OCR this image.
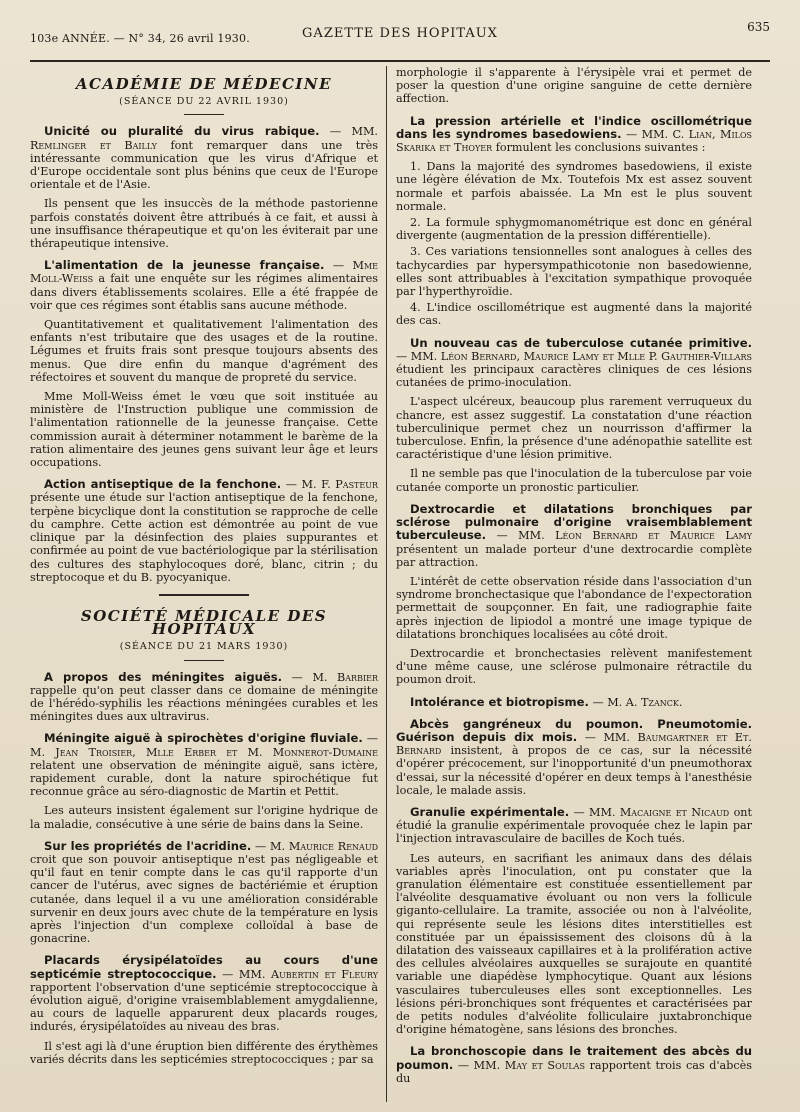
103e ANNÉE. — N° 34, 26 avril 1930.	GAZETTE DES HOPITAUX	635
ACADÉMIE DE MÉDECINE
(SÉANCE DU 22 AVRIL 1930)

Unicité ou pluralité du virus rabique. — MM. Remlinger et Bailly font remarquer dans une très intéressante communication que les virus d'Afrique et d'Europe occidentale sont plus bénins que ceux de l'Europe orientale et de l'Asie.

Ils pensent que les insuccès de la méthode pastorienne parfois constatés doivent être attribués à ce fait, et aussi à une insuffisance thérapeutique et qu'on les éviterait par une thérapeutique intensive.

L'alimentation de la jeunesse française. — Mme Moll-Weiss a fait une enquête sur les régimes alimentaires dans divers établissements scolaires. Elle a été frappée de voir que ces régimes sont établis sans aucune méthode.

Quantitativement et qualitativement l'alimentation des enfants n'est tributaire que des usages et de la routine. Légumes et fruits frais sont presque toujours absents des menus. Que dire enfin du manque d'agrément des réfectoires et souvent du manque de propreté du service.

Mme Moll-Weiss émet le vœu que soit instituée au ministère de l'Instruction publique une commission de l'alimentation rationnelle de la jeunesse française. Cette commission aurait à déterminer notamment le barème de la ration alimentaire des jeunes gens suivant leur âge et leurs occupations.

Action antiseptique de la fenchone. — M. F. Pasteur présente une étude sur l'action antiseptique de la fenchone, terpène bicyclique dont la constitution se rapproche de celle du camphre. Cette action est démontrée au point de vue clinique par la désinfection des plaies suppurantes et confirmée au point de vue bactériologique par la stérilisation des cultures des staphylocoques doré, blanc, citrin ; du streptocoque et du B. pyocyanique.

SOCIÉTÉ MÉDICALE DES HOPITAUX
(SÉANCE DU 21 MARS 1930)

A propos des méningites aiguës. — M. Barbier rappelle qu'on peut classer dans ce domaine de méningite de l'hérédo-syphilis les réactions méningées curables et les méningites dues aux ultravirus.

Méningite aiguë à spirochètes d'origine fluviale. — M. Jean Troisier, Mlle Erber et M. Monnerot-Dumaine relatent une observation de méningite aiguë, sans ictère, rapidement curable, dont la nature spirochétique fut reconnue grâce au séro-diagnostic de Martin et Pettit.

Les auteurs insistent également sur l'origine hydrique de la maladie, consécutive à une série de bains dans la Seine.

Sur les propriétés de l'acridine. — M. Maurice Renaud croit que son pouvoir antiseptique n'est pas négligeable et qu'il faut en tenir compte dans le cas qu'il rapporte d'un cancer de l'utérus, avec signes de bactériémie et éruption cutanée, dans lequel il a vu une amélioration considérable survenir en deux jours avec chute de la température en lysis après l'injection d'un complexe colloïdal à base de gonacrine.

Placards érysipélatoïdes au cours d'une septicémie streptococcique. — MM. Aubertin et Fleury rapportent l'observation d'une septicémie streptococcique à évolution aiguë, d'origine vraisemblablement amygdalienne, au cours de laquelle apparurent deux placards rouges, indurés, érysipélatoïdes au niveau des bras.

Il s'est agi là d'une éruption bien différente des érythèmes variés décrits dans les septicémies streptococciques ; par sa

morphologie il s'apparente à l'érysipèle vrai et permet de poser la question d'une origine sanguine de cette dernière affection.

La pression artérielle et l'indice oscillométrique dans les syndromes basedowiens. — MM. C. Lian, Milos Skarika et Thoyer formulent les conclusions suivantes :

1. Dans la majorité des syndromes basedowiens, il existe une légère élévation de Mx. Toutefois Mx est assez souvent normale et parfois abaissée. La Mn est le plus souvent normale.

2. La formule sphygmomanométrique est donc en général divergente (augmentation de la pression différentielle).

3. Ces variations tensionnelles sont analogues à celles des tachycardies par hypersympathicotonie non basedowienne, elles sont attribuables à l'excitation sympathique provoquée par l'hyperthyroïdie.

4. L'indice oscillométrique est augmenté dans la majorité des cas.

Un nouveau cas de tuberculose cutanée primitive. — MM. Léon Bernard, Maurice Lamy et Mlle P. Gauthier-Villars étudient les principaux caractères cliniques de ces lésions cutanées de primo-inoculation.

L'aspect ulcéreux, beaucoup plus rarement verruqueux du chancre, est assez suggestif. La constatation d'une réaction tuberculinique permet chez un nourrisson d'affirmer la tuberculose. Enfin, la présence d'une adénopathie satellite est caractéristique d'une lésion primitive.

Il ne semble pas que l'inoculation de la tuberculose par voie cutanée comporte un pronostic particulier.

Dextrocardie et dilatations bronchiques par sclérose pulmonaire d'origine vraisemblablement tuberculeuse. — MM. Léon Bernard et Maurice Lamy présentent un malade porteur d'une dextrocardie complète par attraction.

L'intérêt de cette observation réside dans l'association d'un syndrome bronchectasique que l'abondance de l'expectoration permettait de soupçonner. En fait, une radiographie faite après injection de lipiodol a montré une image typique de dilatations bronchiques localisées au côté droit.

Dextrocardie et bronchectasies relèvent manifestement d'une même cause, une sclérose pulmonaire rétractile du poumon droit.

Intolérance et biotropisme. — M. A. Tzanck.

Abcès gangréneux du poumon. Pneumotomie. Guérison depuis dix mois. — MM. Baumgartner et Et. Bernard insistent, à propos de ce cas, sur la nécessité d'opérer précocement, sur l'inopportunité d'un pneumothorax d'essai, sur la nécessité d'opérer en deux temps à l'anesthésie locale, le malade assis.

Granulie expérimentale. — MM. Macaigne et Nicaud ont étudié la granulie expérimentale provoquée chez le lapin par l'injection intravasculaire de bacilles de Koch tués.

Les auteurs, en sacrifiant les animaux dans des délais variables après l'inoculation, ont pu constater que la granulation élémentaire est constituée essentiellement par l'alvéolite desquamative évoluant ou non vers la follicule giganto-cellulaire. La tramite, associée ou non à l'alvéolite, qui représente seule les lésions dites interstitielles est constituée par un épaississement des cloisons dû à la dilatation des vaisseaux capillaires et à la prolifération active des cellules alvéolaires auxquelles se surajoute en quantité variable une diapédèse lymphocytique. Quant aux lésions vasculaires tuberculeuses elles sont exceptionnelles. Les lésions péri-bronchiques sont fréquentes et caractérisées par de petits nodules d'alvéolite folliculaire juxtabronchique d'origine hématogène, sans lésions des bronches.

La bronchoscopie dans le traitement des abcès du poumon. — MM. May et Soulas rapportent trois cas d'abcès du
